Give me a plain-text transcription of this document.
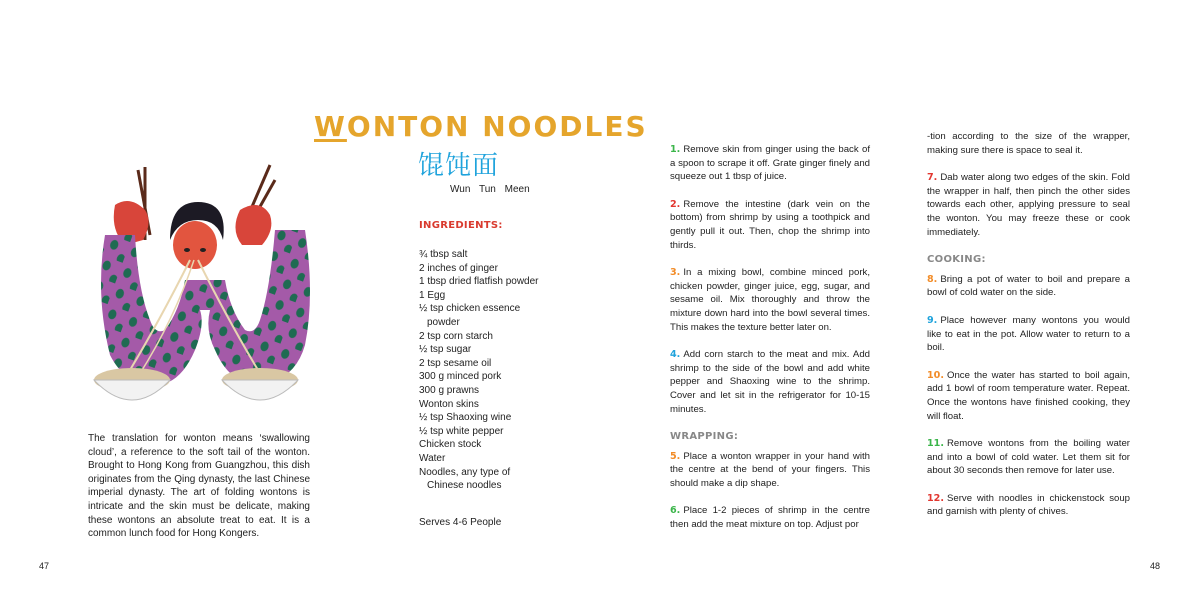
WONTON NOODLES
馄饨面
Wun Tun Meen
INGREDIENTS:
¾ tbsp salt
2 inches of ginger
1 tbsp dried flatfish powder
1 Egg
½ tsp chicken essence powder
2 tsp corn starch
½ tsp sugar
2 tsp sesame oil
300 g minced pork
300 g prawns
Wonton skins
½ tsp Shaoxing wine
½ tsp white pepper
Chicken stock
Water
Noodles, any type of Chinese noodles
Serves 4-6 People

The translation for wonton means ‘swallowing cloud’, a reference to the soft tail of the wonton. Brought to Hong Kong from Guangzhou, this dish originates from the Qing dynasty, the last Chinese imperial dynasty. The art of folding wontons is intricate and the skin must be delicate, making these wontons an absolute treat to eat. It is a common lunch food for Hong Kongers.

47

1. Remove skin from ginger using the back of a spoon to scrape it off. Grate ginger finely and squeeze out 1 tbsp of juice.

2. Remove the intestine (dark vein on the bottom) from shrimp by using a toothpick and gently pull it out. Then, chop the shrimp into thirds.

3. In a mixing bowl, combine minced pork, chicken powder, ginger juice, egg, sugar, and sesame oil. Mix thoroughly and throw the mixture down hard into the bowl several times. This makes the texture better later on.

4. Add corn starch to the meat and mix. Add shrimp to the side of the bowl and add white pepper and Shaoxing wine to the shrimp. Cover and let sit in the refrigerator for 10-15 minutes.

WRAPPING:

5. Place a wonton wrapper in your hand with the centre at the bend of your fingers. This should make a dip shape.

6. Place 1-2 pieces of shrimp in the centre then add the meat mixture on top. Adjust por

-tion according to the size of the wrapper, making sure there is space to seal it.

7. Dab water along two edges of the skin. Fold the wrapper in half, then pinch the other sides towards each other, applying pressure to seal the wonton. You may freeze these or cook immediately.

COOKING:

8. Bring a pot of water to boil and prepare a bowl of cold water on the side.

9. Place however many wontons you would like to eat in the pot. Allow water to return to a boil.

10. Once the water has started to boil again, add 1 bowl of room temperature water. Repeat. Once the wontons have finished cooking, they will float.

11. Remove wontons from the boiling water and into a bowl of cold water. Let them sit for about 30 seconds then remove for later use.

12. Serve with noodles in chickenstock soup and garnish with plenty of chives.

48
